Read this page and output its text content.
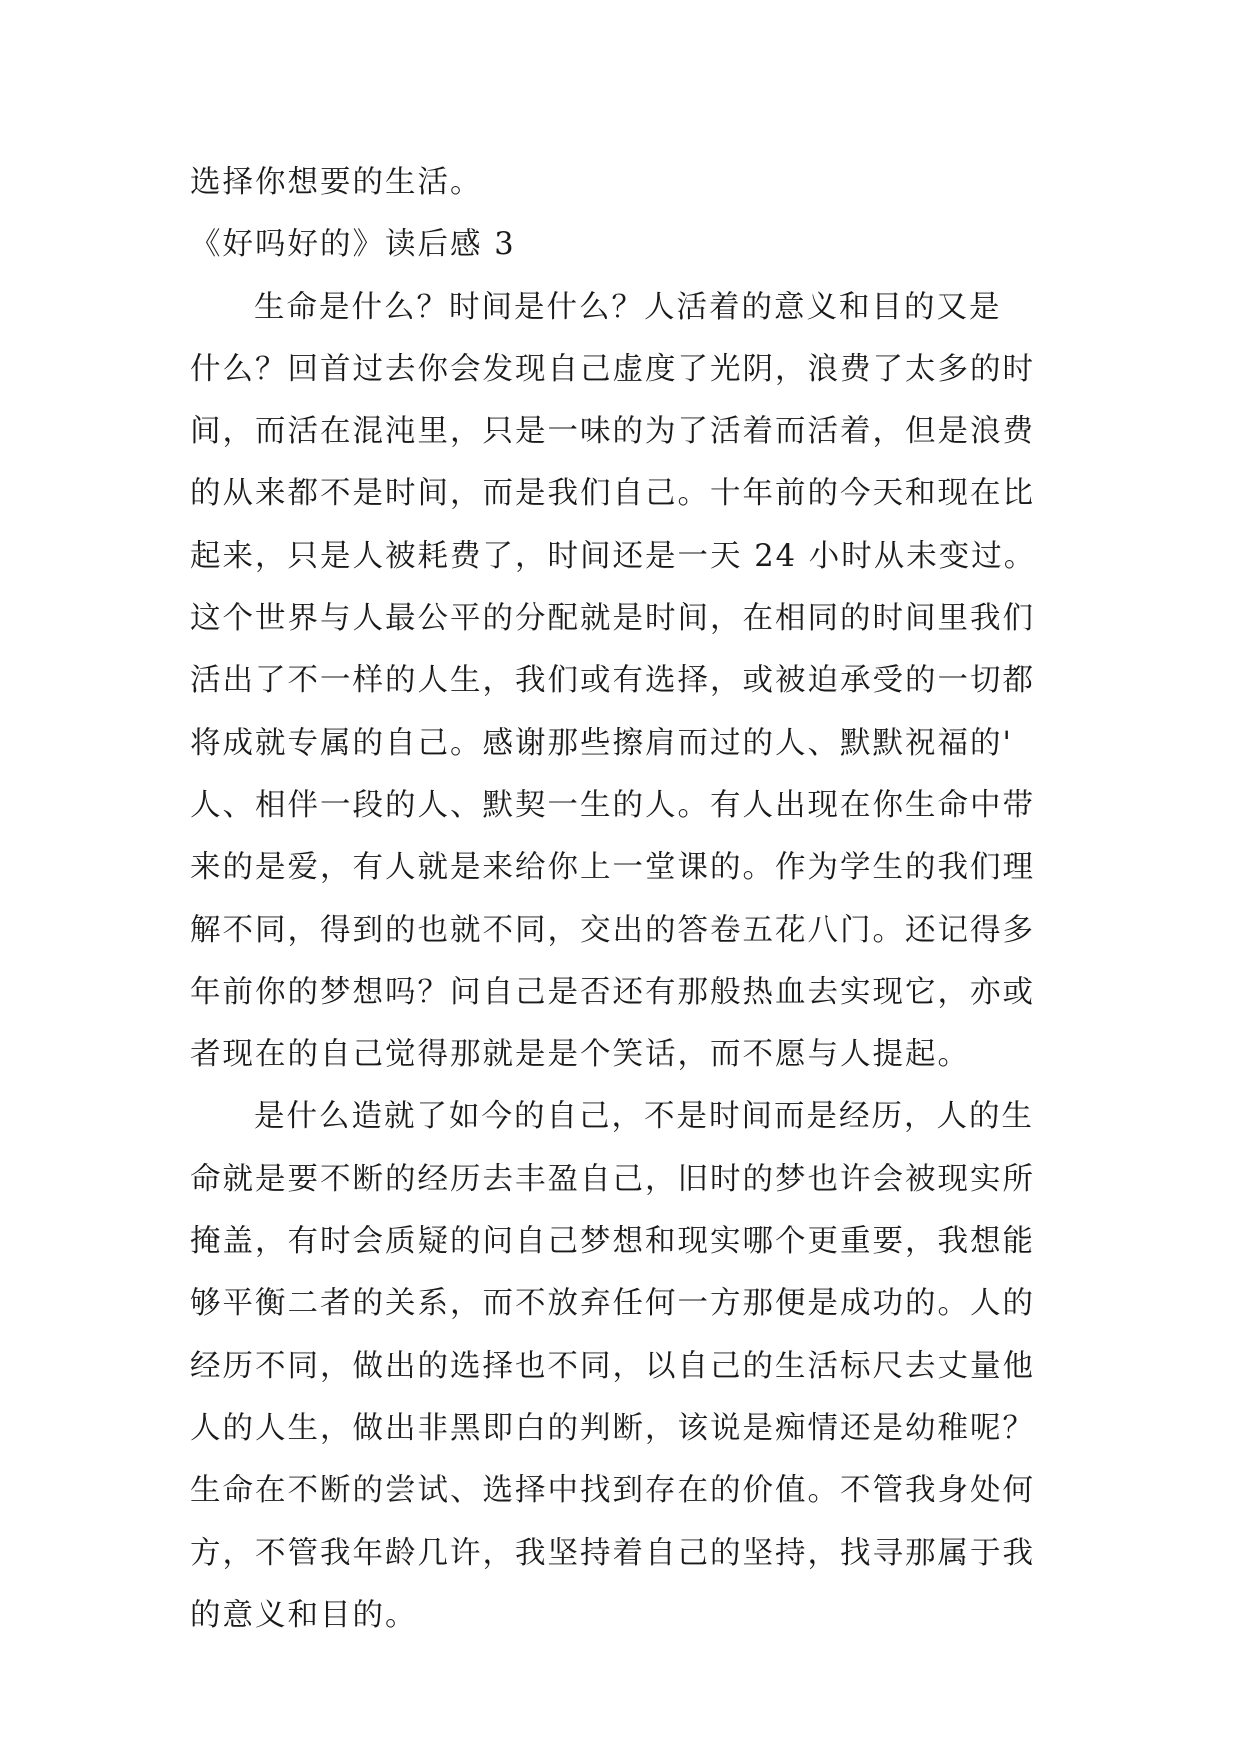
选择你想要的生活。
《好吗好的》读后感 3
生命是什么？时间是什么？人活着的意义和目的又是
什么？回首过去你会发现自己虚度了光阴，浪费了太多的时
间，而活在混沌里，只是一味的为了活着而活着，但是浪费
的从来都不是时间，而是我们自己。十年前的今天和现在比
起来，只是人被耗费了，时间还是一天 24 小时从未变过。
这个世界与人最公平的分配就是时间，在相同的时间里我们
活出了不一样的人生，我们或有选择，或被迫承受的一切都
将成就专属的自己。感谢那些擦肩而过的人、默默祝福的'
人、相伴一段的人、默契一生的人。有人出现在你生命中带
来的是爱，有人就是来给你上一堂课的。作为学生的我们理
解不同，得到的也就不同，交出的答卷五花八门。还记得多
年前你的梦想吗？问自己是否还有那般热血去实现它，亦或
者现在的自己觉得那就是是个笑话，而不愿与人提起。
是什么造就了如今的自己，不是时间而是经历，人的生
命就是要不断的经历去丰盈自己，旧时的梦也许会被现实所
掩盖，有时会质疑的问自己梦想和现实哪个更重要，我想能
够平衡二者的关系，而不放弃任何一方那便是成功的。人的
经历不同，做出的选择也不同，以自己的生活标尺去丈量他
人的人生，做出非黑即白的判断，该说是痴情还是幼稚呢？
生命在不断的尝试、选择中找到存在的价值。不管我身处何
方，不管我年龄几许，我坚持着自己的坚持，找寻那属于我
的意义和目的。
